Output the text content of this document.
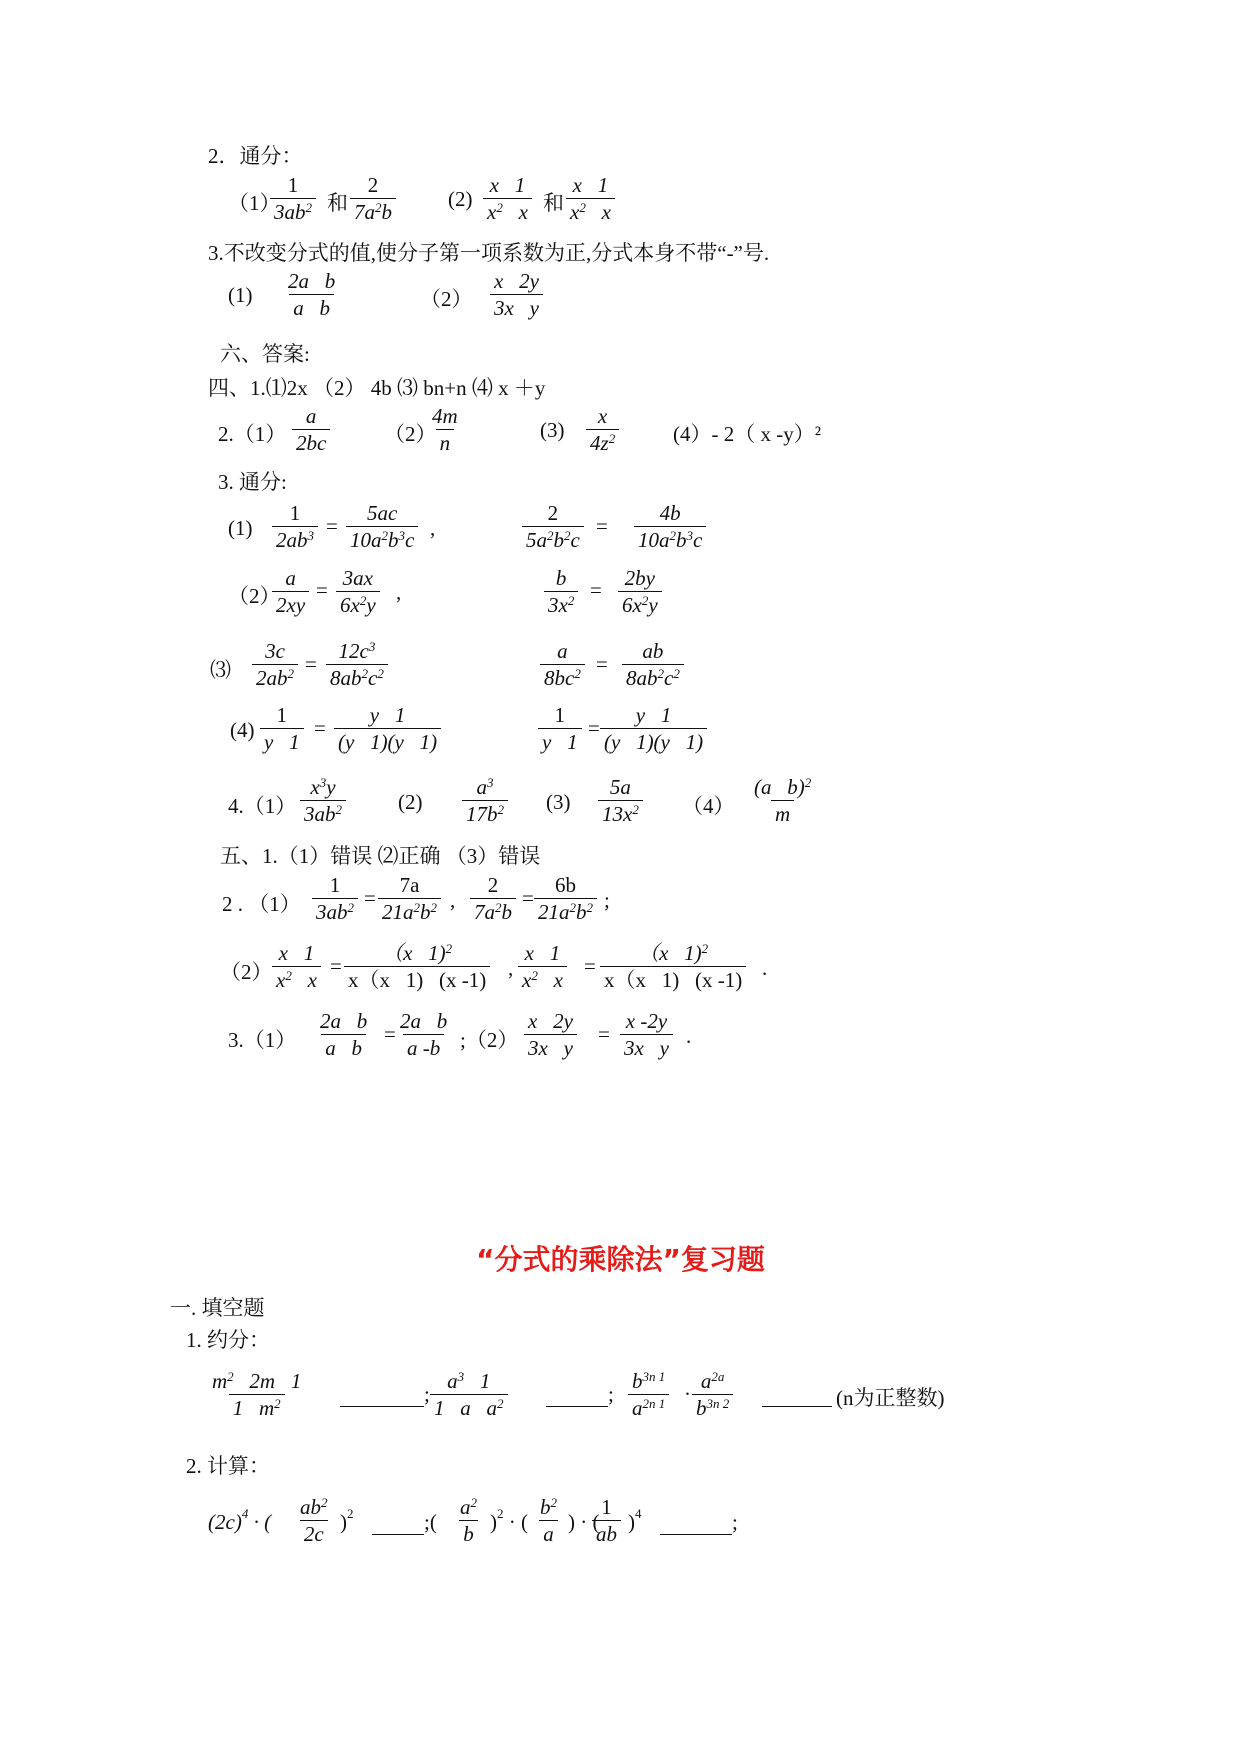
2．通分：
（1）
$\frac{1}{3ab^2}$ 和 $\frac{2}{7a^2b} (2) \frac{x 1}{x^2 x}$ 和 $\frac{x 1}{x^2 x}$
3.不改变分式的值,使分子第一项系数为正,分式本身不带“-”号.
$(1) \frac{\text{2a   b}}{\text{a   b}}$	$(2) \frac{x 2y}{\text{3x   y}}$
六、答案:
四、1.⑴2x （2） 4b ⑶ bn+n ⑷ x ＋y
$2.(1) \frac{a}{2bc}$	（2）
$\frac{4m}{n}$	$(3) \frac{x}{4z^2}$	(4）- 2（ x -y）²
3. 通分:
$(1) \frac{1}{2ab^3} = \frac{5ac}{10a^2b^3c}$ ,	$\frac{2}{5a^2b^2c} = \frac{4b}{10a^2b^3c}$
（2）
$\frac{a}{2xy} = \frac{3ax}{6x^2y}$ ,	$\frac{b}{3x^2} = \frac{2by}{6x^2y}$
⑶ $\frac{3c}{2ab^2} = \frac{12c^3}{8ab^2c^2}$	$\frac{a}{8bc^2} = \frac{ab}{8ab^2c^2}$
$(4) \frac{1}{y 1} = \frac{y 1}{(y 1)(y 1)}$	$\frac{1}{y 1} = \frac{y 1}{(y 1)(y 1)}$
$4.(1) \frac{x^3y}{3ab^2} (2) \frac{a^3}{17b^2} (3) \frac{5a}{13x^2} (4) \frac{(a b)^2}{m}$
五、1.（1）错误 ⑵正确 （3）错误
2 . $(1) \frac{1}{3ab^2} = \frac{7a}{21a^2b^2}$ , $\frac{2}{7a^2b} = \frac{6b}{21a^2b^2}$ ;
$(2) \frac{x 1}{x^2 x} = \frac{(x 1)^2}{x(x 1) (x -1)}$ , $\frac{x 1}{x^2 x} = \frac{(x 1)^2}{x(x 1) (x -1)}$ .
$3.(1) \frac{\text{2a   b}}{\text{a   b}} = \frac{\text{2a   b}}{a -b}$ ;（2） $\frac{x 2y}{\text{3x   y}} = \frac{x -2y}{\text{3x   y}}$ .
“分式的乘除法”复习题
一. 填空题
1. 约分：
$\frac{m^2 2m 1}{1 m^2}$	; $\frac{a^3 1}{1 a a^2}$	; $\frac{b^{3n 1}}{a^{2n 1}} \cdot \frac{a^{2a}}{b^{3n 2}}$	(n为正整数)
2. 计算：
$(2c)^4$ · ( $\frac{ab^2}{2c} )^2$	;( $\frac{a^2}{b} )^2$ · ( $\frac{b^2}{a}$ ) · (
$\frac{1}{ab} )^4$	;
